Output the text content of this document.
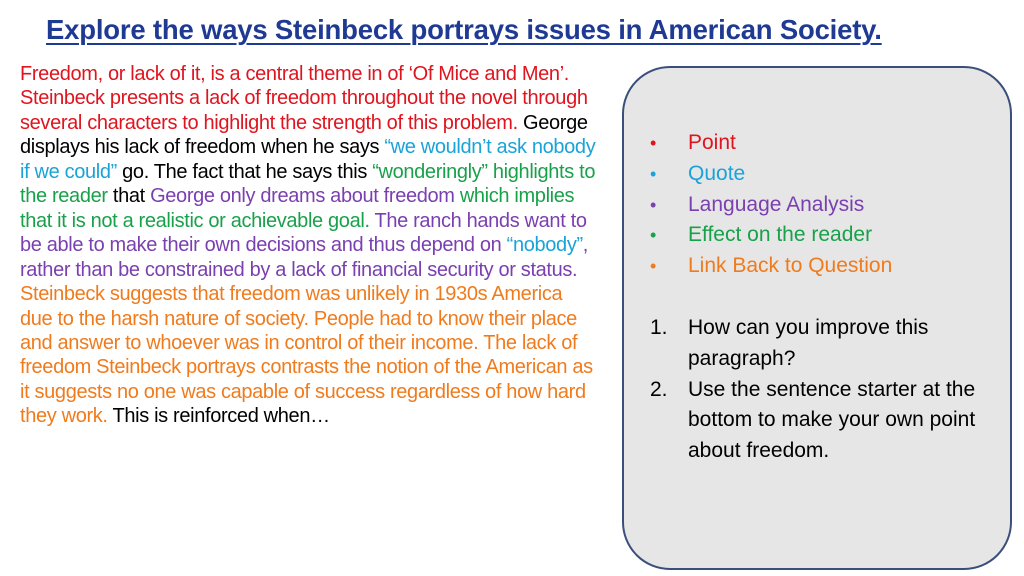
Explore the ways Steinbeck portrays issues in American Society.

Freedom, or lack of it, is a central theme in of ‘Of Mice and Men’. Steinbeck presents a lack of freedom throughout the novel through several characters to highlight the strength of this problem. George displays his lack of freedom when he says “we wouldn’t ask nobody if we could” go. The fact that he says this “wonderingly” highlights to the reader that George only dreams about freedom which implies that it is not a realistic or achievable goal. The ranch hands want to be able to make their own decisions and thus depend on “nobody”, rather than be constrained by a lack of financial security or status. Steinbeck suggests that freedom was unlikely in 1930s America due to the harsh nature of society. People had to know their place and answer to whoever was in control of their income. The lack of freedom Steinbeck portrays contrasts the notion of the American as it suggests no one was capable of success regardless of how hard they work. This is reinforced when…

• Point
• Quote
• Language Analysis
• Effect on the reader
• Link Back to Question
1. How can you improve this paragraph?
2. Use the sentence starter at the bottom to make your own point about freedom.
